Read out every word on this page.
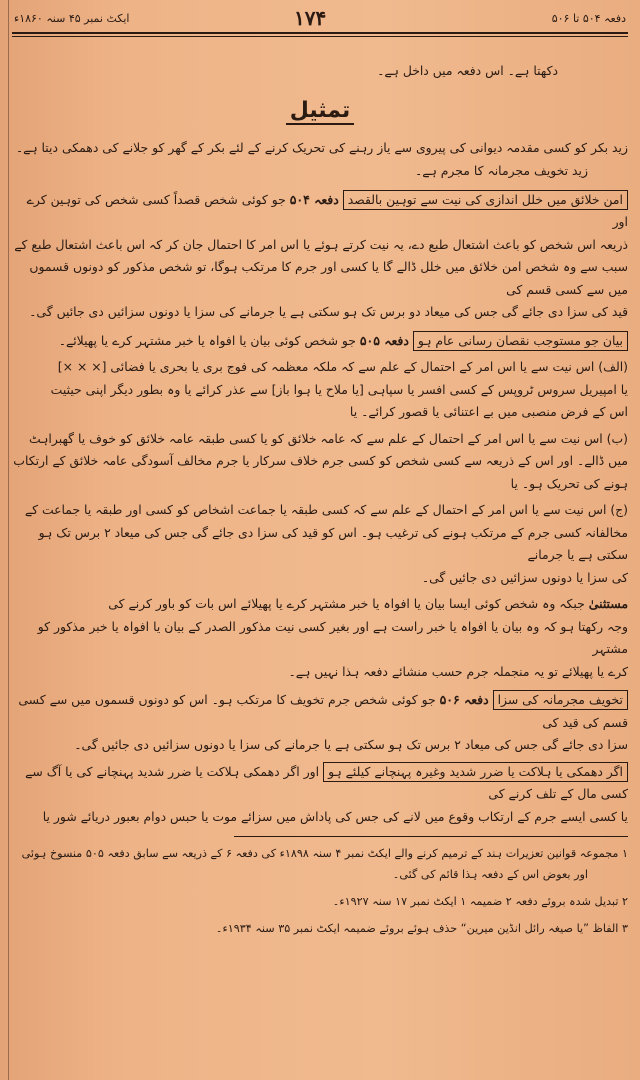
دفعہ ۵۰۴ تا ۵۰۶
۱۷۴
ایکٹ نمبر ۴۵ سنہ ۱۸۶۰ء

دکھتا ہے۔ اس دفعہ میں داخل ہے۔

تمثیل

زید بکر کو کسی مقدمہ دیوانی کی پیروی سے یاز رہنے کی تحریک کرنے کے لئے بکر کے گھر کو جلانے کی دھمکی دیتا ہے۔

زید تخویف مجرمانہ کا مجرم ہے۔

امن خلائق میں خلل اندازی کی نیت سے توہین بالقصد دفعہ ۵۰۴ جو کوئی شخص قصداً کسی شخص کی توہین کرے اور

ذریعہ اس شخص کو باعث اشتعال طبع دے، یہ نیت کرتے ہوئے یا اس امر کا احتمال جان کر کہ اس باعث اشتعال طبع کے

سبب سے وہ شخص امن خلائق میں خلل ڈالے گا یا کسی اور جرم کا مرتکب ہوگا، تو شخص مذکور کو دونوں قسموں میں سے کسی قسم کی

قید کی سزا دی جائے گی جس کی میعاد دو برس تک ہو سکتی ہے یا جرمانے کی سزا یا دونوں سزائیں دی جائیں گی۔

بیان جو مستوجب نقصان رسانی عام ہو دفعہ ۵۰۵ جو شخص کوئی بیان یا افواہ یا خبر مشتہر کرے یا پھیلائے۔

(الف) اس نیت سے یا اس امر کے احتمال کے علم سے کہ ملکہ معظمہ کی فوج بری یا بحری یا فضائی [× × ×]

یا امپیریل سروس ٹروپس کے کسی افسر یا سپاہی [یا ملاح یا ہوا باز] سے عذر کرائے یا وہ بطور دیگر اپنی حیثیت

اس کے فرض منصبی میں بے اعتنائی یا قصور کرائے۔ یا

(ب) اس نیت سے یا اس امر کے احتمال کے علم سے کہ عامہ خلائق کو یا کسی طبقہ عامہ خلائق کو خوف یا گھبراہٹ

میں ڈالے۔ اور اس کے ذریعہ سے کسی شخص کو کسی جرم خلاف سرکار یا جرم مخالف آسودگی عامہ خلائق کے ارتکاب

ہونے کی تحریک ہو۔ یا

(ج) اس نیت سے یا اس امر کے احتمال کے علم سے کہ کسی طبقہ یا جماعت اشخاص کو کسی اور طبقہ یا جماعت کے

مخالفانہ کسی جرم کے مرتکب ہونے کی ترغیب ہو۔ اس کو قید کی سزا دی جائے گی جس کی میعاد ۲ برس تک ہو سکتی ہے یا جرمانے

کی سزا یا دونوں سزائیں دی جائیں گی۔

مستثنیٰ جبکہ وہ شخص کوئی ایسا بیان یا افواہ یا خبر مشتہر کرے یا پھیلائے اس بات کو باور کرنے کی

وجہ رکھتا ہو کہ وہ بیان یا افواہ یا خبر راست ہے اور بغیر کسی نیت مذکور الصدر کے بیان یا افواہ یا خبر مذکور کو مشتہر

کرے یا پھیلائے تو یہ منجملہ جرم حسب منشائے دفعہ ہذا نہیں ہے۔

تخویف مجرمانہ کی سزا دفعہ ۵۰۶ جو کوئی شخص جرم تخویف کا مرتکب ہو۔ اس کو دونوں قسموں میں سے کسی قسم کی قید کی

سزا دی جائے گی جس کی میعاد ۲ برس تک ہو سکتی ہے یا جرمانے کی سزا یا دونوں سزائیں دی جائیں گی۔

اگر دھمکی یا ہلاکت یا ضرر شدید وغیرہ پہنچانے کیلئے ہو اور اگر دھمکی ہلاکت یا ضرر شدید پہنچانے کی یا آگ سے کسی مال کے تلف کرنے کی

یا کسی ایسے جرم کے ارتکاب وقوع میں لانے کی جس کی پاداش میں سزائے موت یا حبس دوام بعبور دریائے شور یا

۱ مجموعہ قوانین تعزیرات ہند کے ترمیم کرنے والے ایکٹ نمبر ۴ سنہ ۱۸۹۸ء کی دفعہ ۶ کے ذریعہ سے سابق دفعہ ۵۰۵ منسوخ ہوئی

اور بعوض اس کے دفعہ ہذا قائم کی گئی۔

۲ تبدیل شدہ بروئے دفعہ ۲ ضمیمہ ۱ ایکٹ نمبر ۱۷ سنہ ۱۹۲۷ء۔

۳ الفاظ ”یا صیغہ رائل انڈین میرین“ حذف ہوئے بروئے ضمیمہ ایکٹ نمبر ۳۵ سنہ ۱۹۳۴ء۔
